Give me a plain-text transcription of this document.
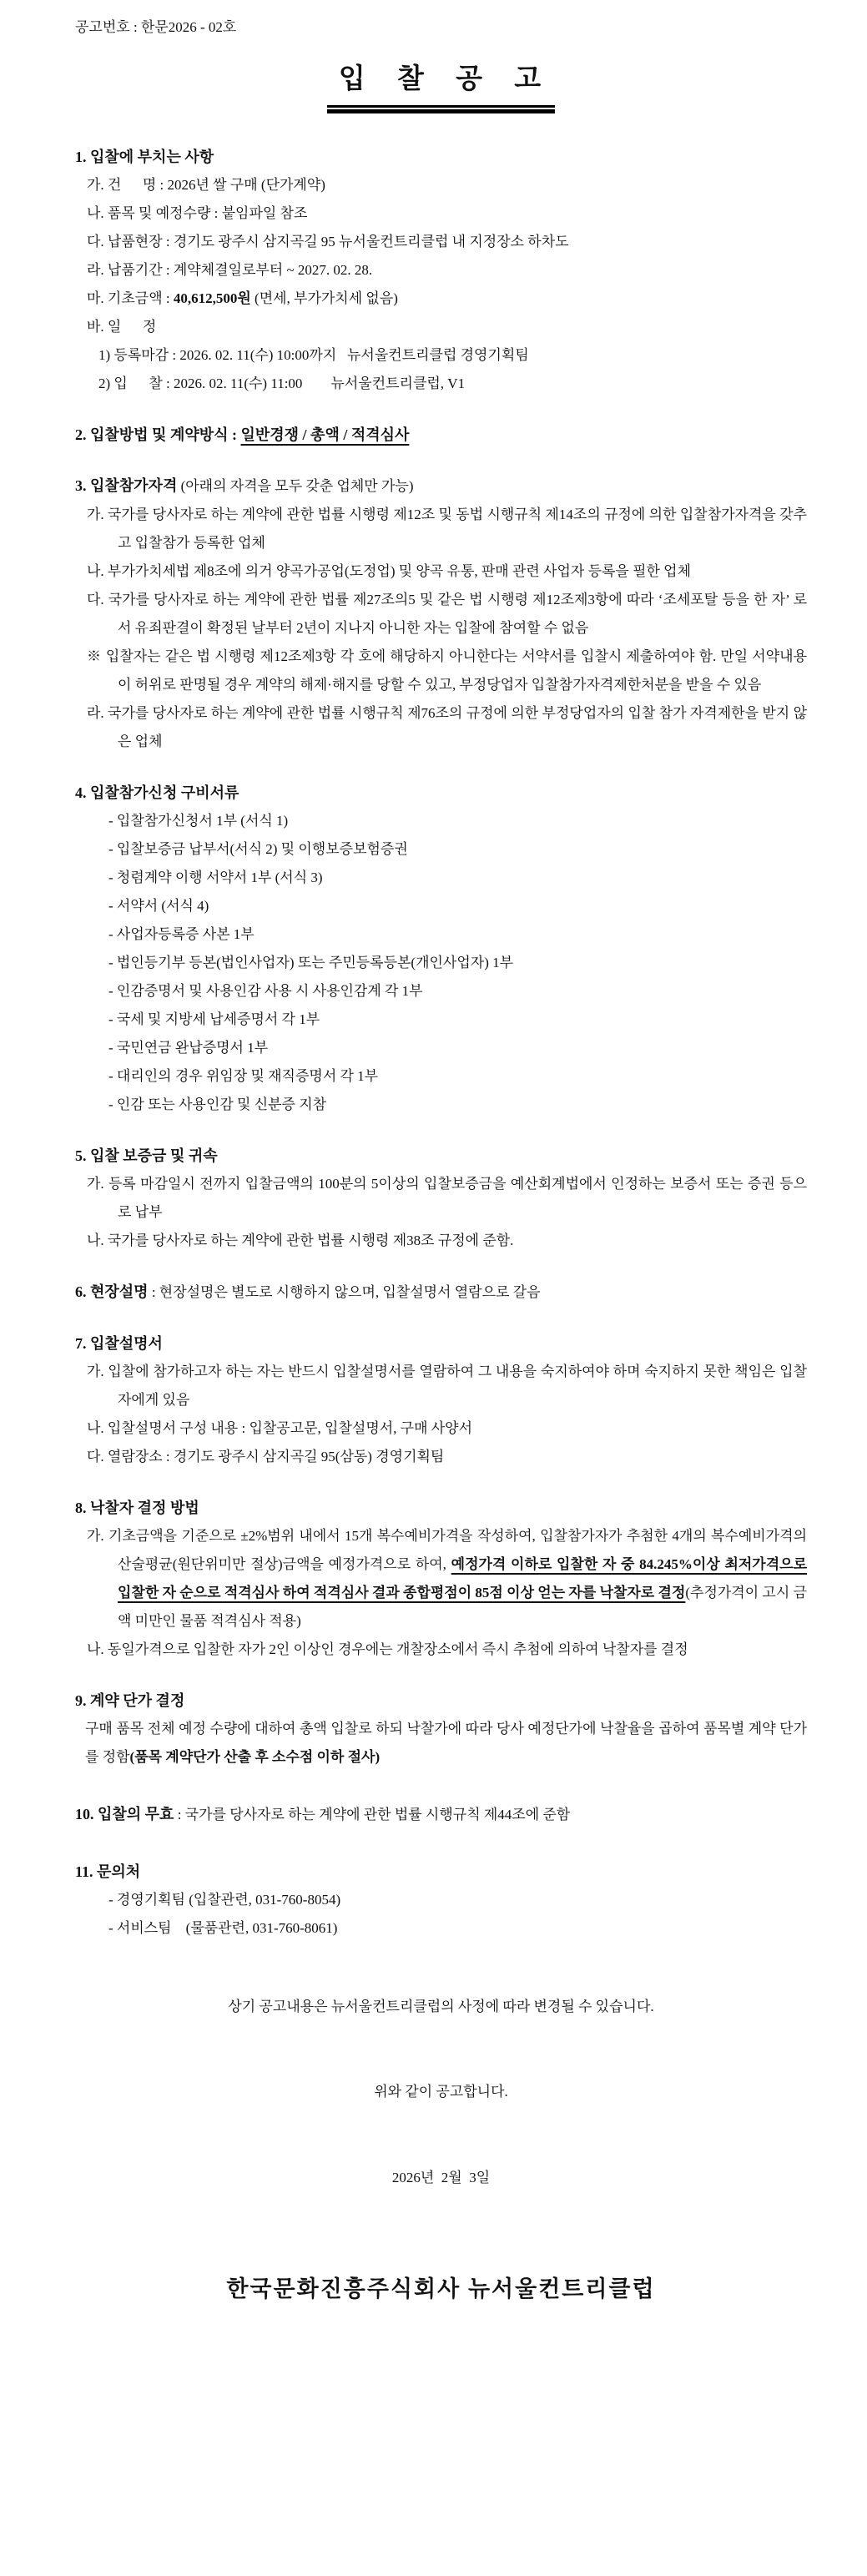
공고번호 : 한문2026 - 02호
입 찰 공 고
1. 입찰에 부치는 사항
가. 건      명 : 2026년 쌀 구매 (단가계약)
나. 품목 및 예정수량 : 붙임파일 참조
다. 납품현장 : 경기도 광주시 삼지곡길 95 뉴서울컨트리클럽 내 지정장소 하차도
라. 납품기간 : 계약체결일로부터 ~ 2027. 02. 28.
마. 기초금액 : 40,612,500원 (면세, 부가가치세 없음)
바. 일      정
1) 등록마감 : 2026. 02. 11(수) 10:00까지   뉴서울컨트리클럽 경영기획팀
2) 입      찰 : 2026. 02. 11(수) 11:00        뉴서울컨트리클럽, V1
2. 입찰방법 및 계약방식 : 일반경쟁 / 총액 / 적격심사
3. 입찰참가자격 (아래의 자격을 모두 갖춘 업체만 가능)
가. 국가를 당사자로 하는 계약에 관한 법률 시행령 제12조 및 동법 시행규칙 제14조의 규정에 의한 입찰참가자격을 갖추고 입찰참가 등록한 업체
나. 부가가치세법 제8조에 의거 양곡가공업(도정업) 및 양곡 유통, 판매 관련 사업자 등록을 필한 업체
다. 국가를 당사자로 하는 계약에 관한 법률 제27조의5 및 같은 법 시행령 제12조제3항에 따라 ‘조세포탈 등을 한 자’ 로서 유죄판결이 확정된 날부터 2년이 지나지 아니한 자는 입찰에 참여할 수 없음
※ 입찰자는 같은 법 시행령 제12조제3항 각 호에 해당하지 아니한다는 서약서를 입찰시 제출하여야 함. 만일 서약내용이 허위로 판명될 경우 계약의 해제·해지를 당할 수 있고, 부정당업자 입찰참가자격제한처분을 받을 수 있음
라. 국가를 당사자로 하는 계약에 관한 법률 시행규칙 제76조의 규정에 의한 부정당업자의 입찰 참가 자격제한을 받지 않은 업체
4. 입찰참가신청 구비서류
- 입찰참가신청서 1부 (서식 1)
- 입찰보증금 납부서(서식 2) 및 이행보증보험증권
- 청렴계약 이행 서약서 1부 (서식 3)
- 서약서 (서식 4)
- 사업자등록증 사본 1부
- 법인등기부 등본(법인사업자) 또는 주민등록등본(개인사업자) 1부
- 인감증명서 및 사용인감 사용 시 사용인감계 각 1부
- 국세 및 지방세 납세증명서 각 1부
- 국민연금 완납증명서 1부
- 대리인의 경우 위임장 및 재직증명서 각 1부
- 인감 또는 사용인감 및 신분증 지참
5. 입찰 보증금 및 귀속
가. 등록 마감일시 전까지 입찰금액의 100분의 5이상의 입찰보증금을 예산회계법에서 인정하는 보증서 또는 증권 등으로 납부
나. 국가를 당사자로 하는 계약에 관한 법률 시행령 제38조 규정에 준함.
6. 현장설명 : 현장설명은 별도로 시행하지 않으며, 입찰설명서 열람으로 갈음
7. 입찰설명서
가. 입찰에 참가하고자 하는 자는 반드시 입찰설명서를 열람하여 그 내용을 숙지하여야 하며 숙지하지 못한 책임은 입찰자에게 있음
나. 입찰설명서 구성 내용 : 입찰공고문, 입찰설명서, 구매 사양서
다. 열람장소 : 경기도 광주시 삼지곡길 95(삼동) 경영기획팀
8. 낙찰자 결정 방법
가. 기초금액을 기준으로 ±2%범위 내에서 15개 복수예비가격을 작성하여, 입찰참가자가 추첨한 4개의 복수예비가격의 산술평균(원단위미만 절상)금액을 예정가격으로 하여, 예정가격 이하로 입찰한 자 중 84.245%이상 최저가격으로 입찰한 자 순으로 적격심사 하여 적격심사 결과 종합평점이 85점 이상 얻는 자를 낙찰자로 결정(추정가격이 고시 금액 미만인 물품 적격심사 적용)
나. 동일가격으로 입찰한 자가 2인 이상인 경우에는 개찰장소에서 즉시 추첨에 의하여 낙찰자를 결정
9. 계약 단가 결정
구매 품목 전체 예정 수량에 대하여 총액 입찰로 하되 낙찰가에 따라 당사 예정단가에 낙찰율을 곱하여 품목별 계약 단가를 정함(품목 계약단가 산출 후 소수점 이하 절사)
10. 입찰의 무효 : 국가를 당사자로 하는 계약에 관한 법률 시행규칙 제44조에 준함
11. 문의처
- 경영기획팀 (입찰관련, 031-760-8054)
- 서비스팀    (물품관련, 031-760-8061)
상기 공고내용은 뉴서울컨트리클럽의 사정에 따라 변경될 수 있습니다.
위와 같이 공고합니다.
2026년  2월  3일
한국문화진흥주식회사 뉴서울컨트리클럽
